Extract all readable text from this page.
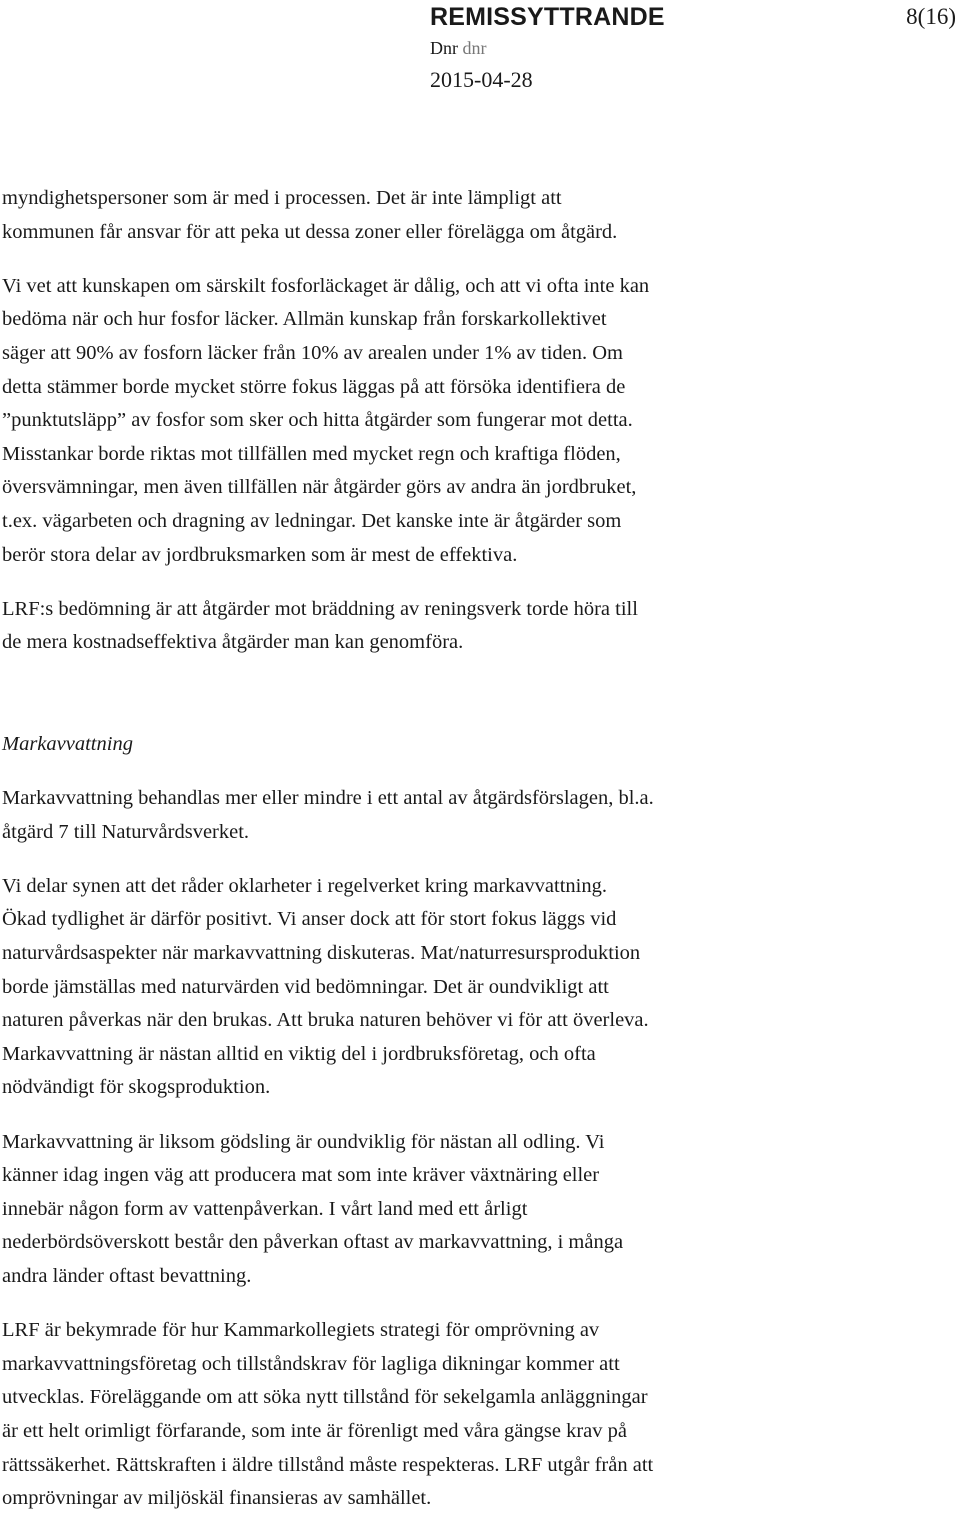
REMISSYTTRANDE	8(16)
Dnr dnr
2015-04-28

myndighetspersoner som är med i processen. Det är inte lämpligt att
kommunen får ansvar för att peka ut dessa zoner eller förelägga om åtgärd.

Vi vet att kunskapen om särskilt fosforläckaget är dålig, och att vi ofta inte kan
bedöma när och hur fosfor läcker. Allmän kunskap från forskarkollektivet
säger att 90% av fosforn läcker från 10% av arealen under 1% av tiden. Om
detta stämmer borde mycket större fokus läggas på att försöka identifiera de
”punktutsläpp” av fosfor som sker och hitta åtgärder som fungerar mot detta.
Misstankar borde riktas mot tillfällen med mycket regn och kraftiga flöden,
översvämningar, men även tillfällen när åtgärder görs av andra än jordbruket,
t.ex. vägarbeten och dragning av ledningar. Det kanske inte är åtgärder som
berör stora delar av jordbruksmarken som är mest de effektiva.

LRF:s bedömning är att åtgärder mot bräddning av reningsverk torde höra till
de mera kostnadseffektiva åtgärder man kan genomföra.

Markavvattning

Markavvattning behandlas mer eller mindre i ett antal av åtgärdsförslagen, bl.a.
åtgärd 7 till Naturvårdsverket.

Vi delar synen att det råder oklarheter i regelverket kring markavvattning.
Ökad tydlighet är därför positivt. Vi anser dock att för stort fokus läggs vid
naturvårdsaspekter när markavvattning diskuteras. Mat/naturresursproduktion
borde jämställas med naturvärden vid bedömningar. Det är oundvikligt att
naturen påverkas när den brukas. Att bruka naturen behöver vi för att överleva.
Markavvattning är nästan alltid en viktig del i jordbruksföretag, och ofta
nödvändigt för skogsproduktion.

Markavvattning är liksom gödsling är oundviklig för nästan all odling. Vi
känner idag ingen väg att producera mat som inte kräver växtnäring eller
innebär någon form av vattenpåverkan. I vårt land med ett årligt
nederbördsöverskott består den påverkan oftast av markavvattning, i många
andra länder oftast bevattning.

LRF är bekymrade för hur Kammarkollegiets strategi för omprövning av
markavvattningsföretag och tillståndskrav för lagliga dikningar kommer att
utvecklas. Föreläggande om att söka nytt tillstånd för sekelgamla anläggningar
är ett helt orimligt förfarande, som inte är förenligt med våra gängse krav på
rättssäkerhet. Rättskraften i äldre tillstånd måste respekteras. LRF utgår från att
omprövningar av miljöskäl finansieras av samhället.
